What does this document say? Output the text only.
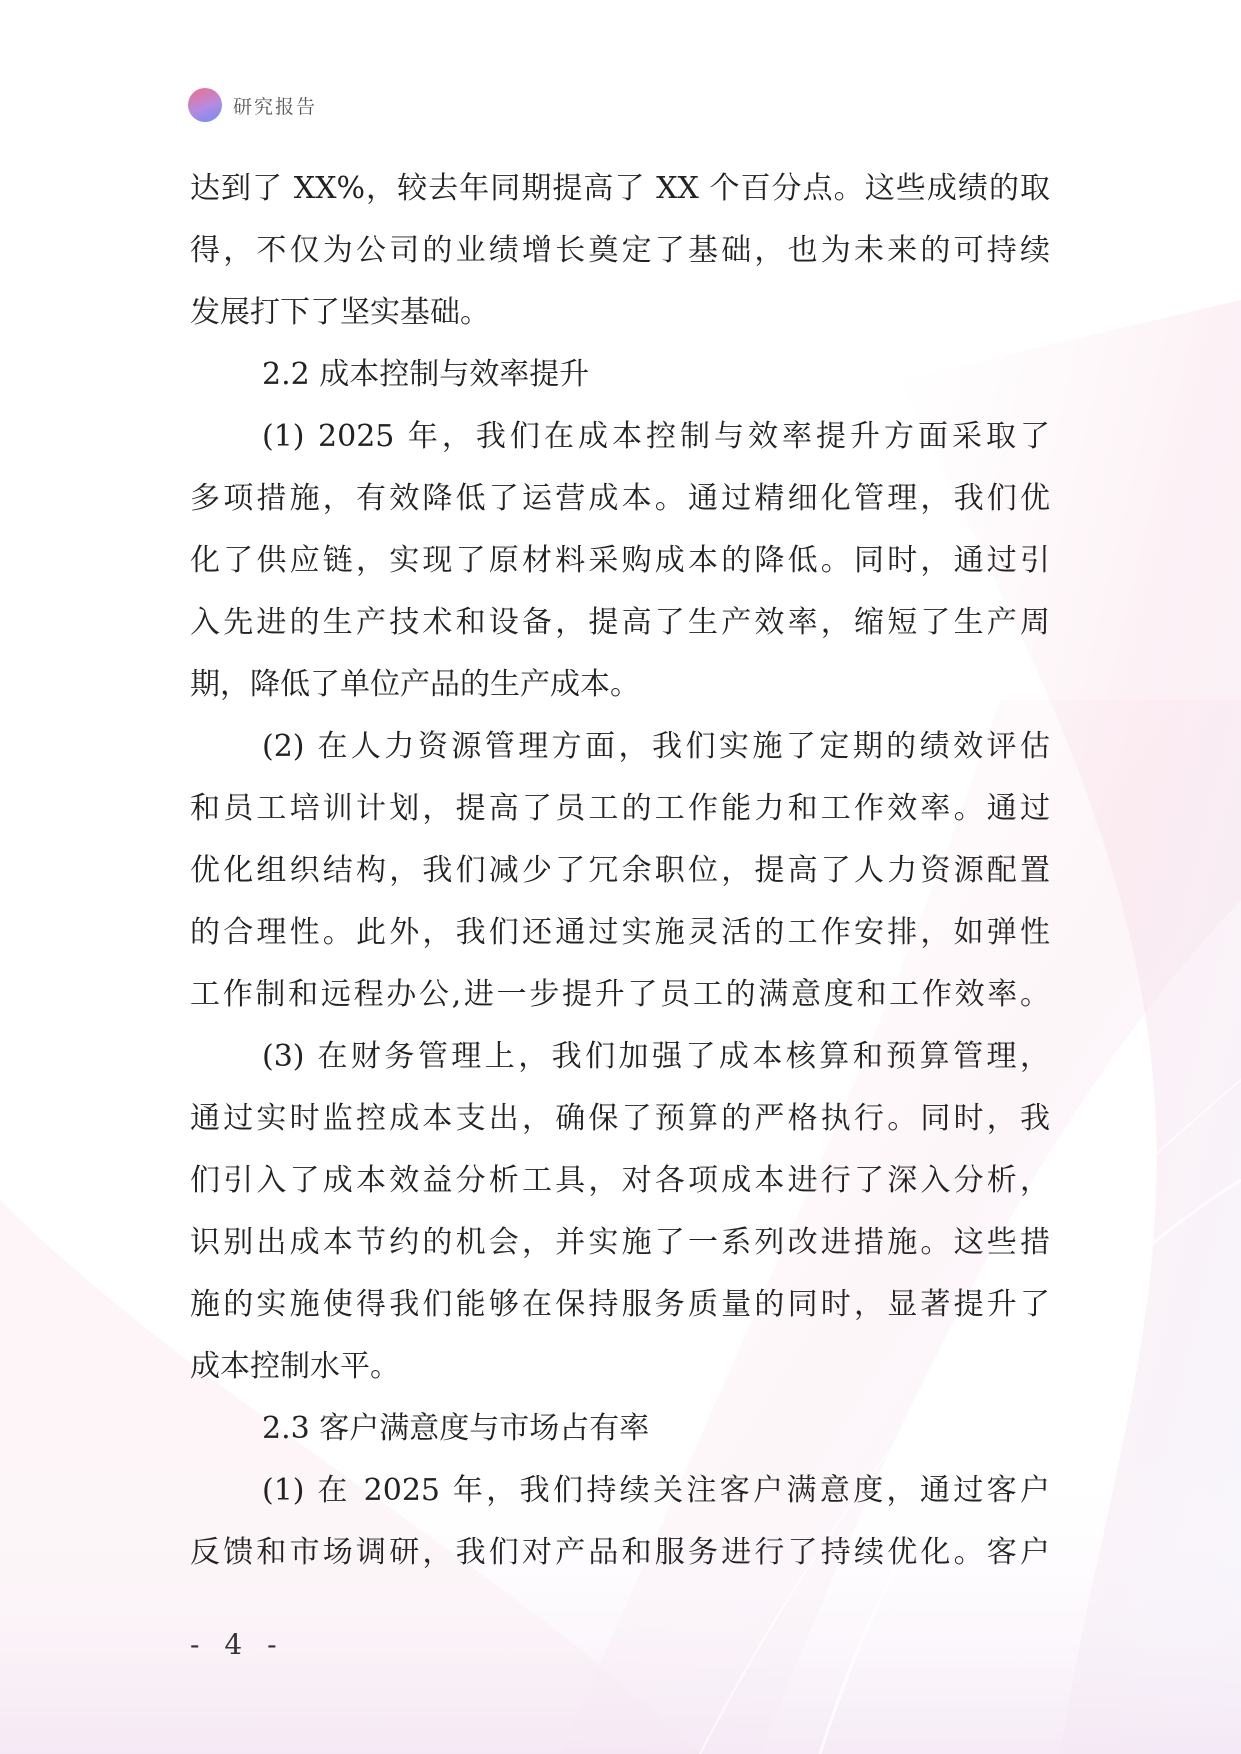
研究报告
达到了 XX%，较去年同期提高了 XX 个百分点。这些成绩的取
得，不仅为公司的业绩增长奠定了基础，也为未来的可持续
发展打下了坚实基础。
2.2 成本控制与效率提升
(1) 2025 年，我们在成本控制与效率提升方面采取了
多项措施，有效降低了运营成本。通过精细化管理，我们优
化了供应链，实现了原材料采购成本的降低。同时，通过引
入先进的生产技术和设备，提高了生产效率，缩短了生产周
期，降低了单位产品的生产成本。
(2) 在人力资源管理方面，我们实施了定期的绩效评估
和员工培训计划，提高了员工的工作能力和工作效率。通过
优化组织结构，我们减少了冗余职位，提高了人力资源配置
的合理性。此外，我们还通过实施灵活的工作安排，如弹性
工作制和远程办公,进一步提升了员工的满意度和工作效率。
(3) 在财务管理上，我们加强了成本核算和预算管理，
通过实时监控成本支出，确保了预算的严格执行。同时，我
们引入了成本效益分析工具，对各项成本进行了深入分析，
识别出成本节约的机会，并实施了一系列改进措施。这些措
施的实施使得我们能够在保持服务质量的同时，显著提升了
成本控制水平。
2.3 客户满意度与市场占有率
(1) 在 2025 年，我们持续关注客户满意度，通过客户
反馈和市场调研，我们对产品和服务进行了持续优化。客户
- 4 -
